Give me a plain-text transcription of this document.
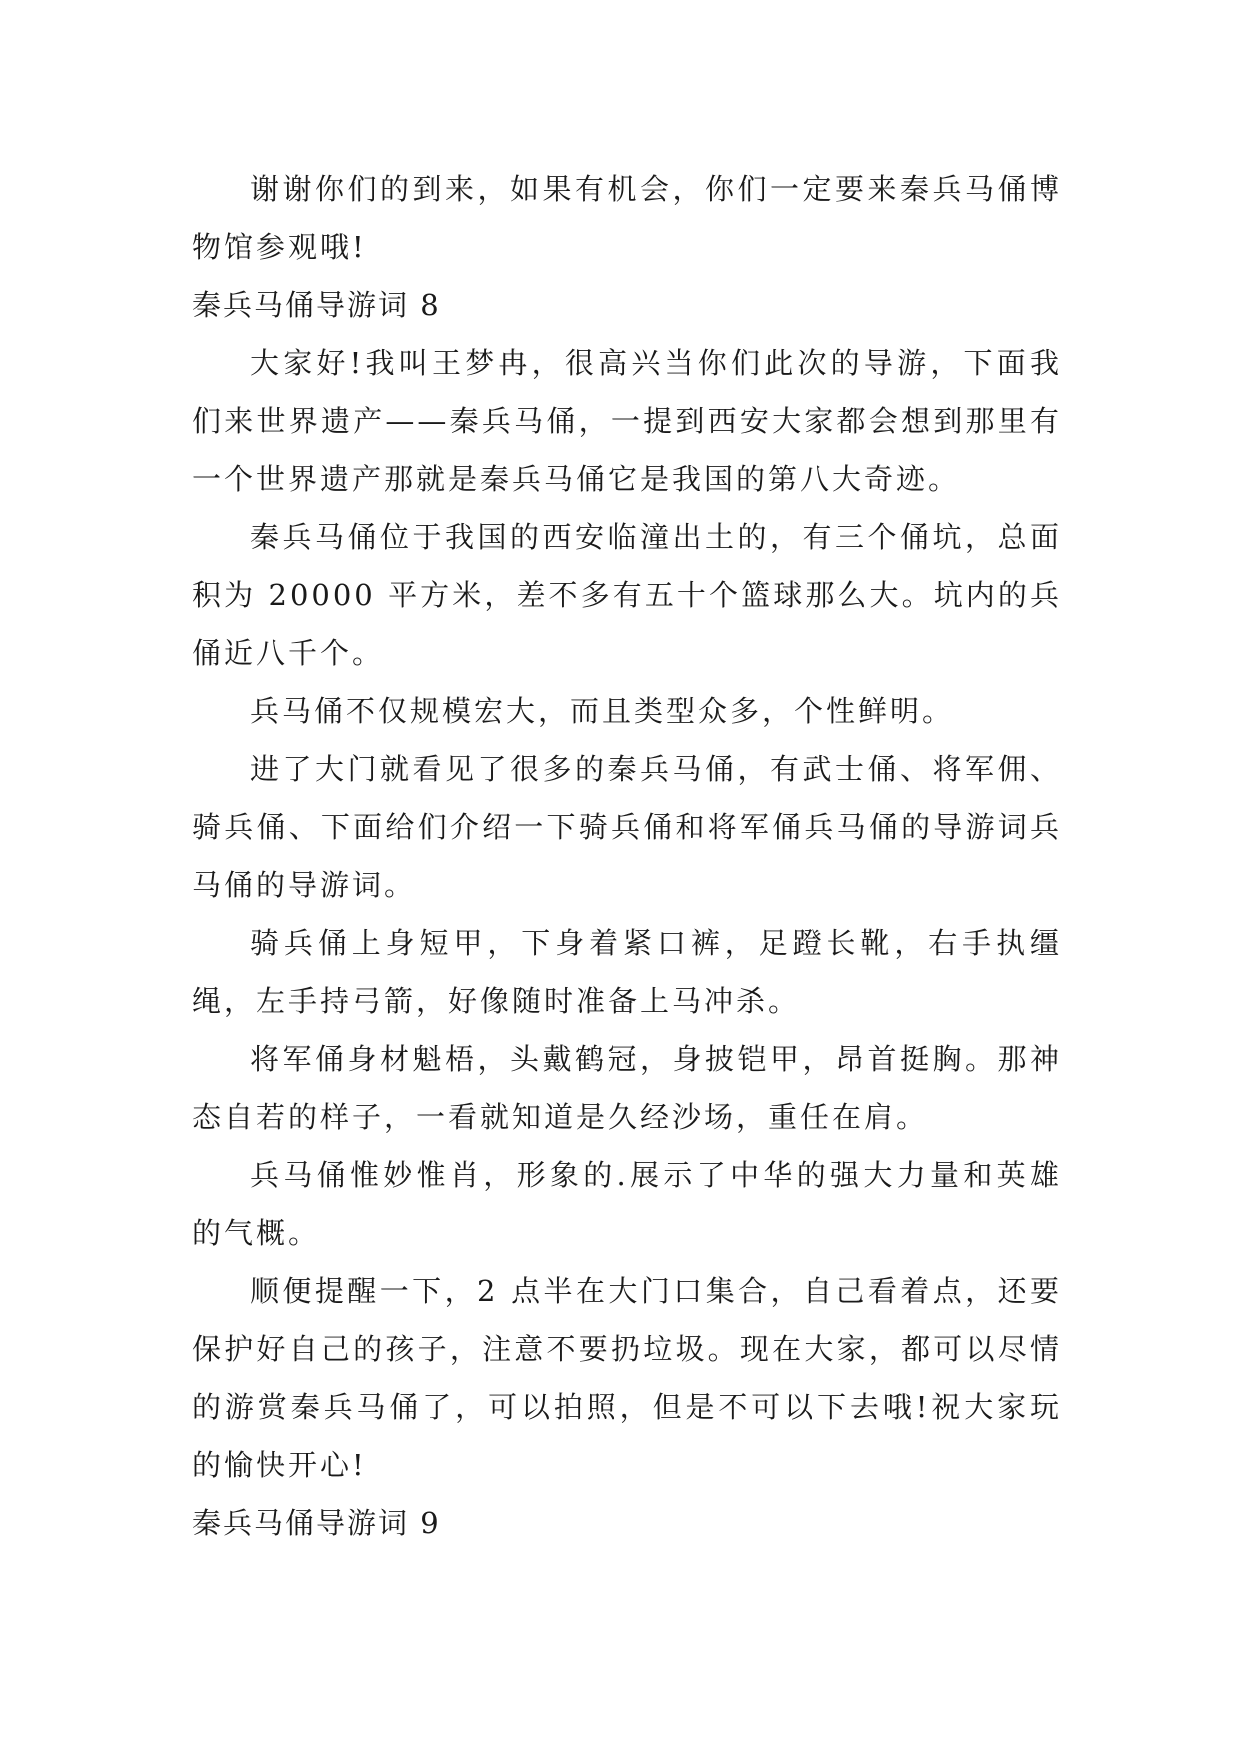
谢谢你们的到来，如果有机会，你们一定要来秦兵马俑博物馆参观哦!

秦兵马俑导游词 8

大家好!我叫王梦冉，很高兴当你们此次的导游，下面我们来世界遗产——秦兵马俑，一提到西安大家都会想到那里有一个世界遗产那就是秦兵马俑它是我国的第八大奇迹。

秦兵马俑位于我国的西安临潼出土的，有三个俑坑，总面积为 20000 平方米，差不多有五十个篮球那么大。坑内的兵俑近八千个。

兵马俑不仅规模宏大，而且类型众多，个性鲜明。

进了大门就看见了很多的秦兵马俑，有武士俑、将军佣、骑兵俑、下面给们介绍一下骑兵俑和将军俑兵马俑的导游词兵马俑的导游词。

骑兵俑上身短甲，下身着紧口裤，足蹬长靴，右手执缰绳，左手持弓箭，好像随时准备上马冲杀。

将军俑身材魁梧，头戴鹤冠，身披铠甲，昂首挺胸。那神态自若的样子，一看就知道是久经沙场，重任在肩。

兵马俑惟妙惟肖，形象的.展示了中华的强大力量和英雄的气概。

顺便提醒一下，2 点半在大门口集合，自己看着点，还要保护好自己的孩子，注意不要扔垃圾。现在大家，都可以尽情的游赏秦兵马俑了，可以拍照，但是不可以下去哦!祝大家玩的愉快开心!

秦兵马俑导游词 9
